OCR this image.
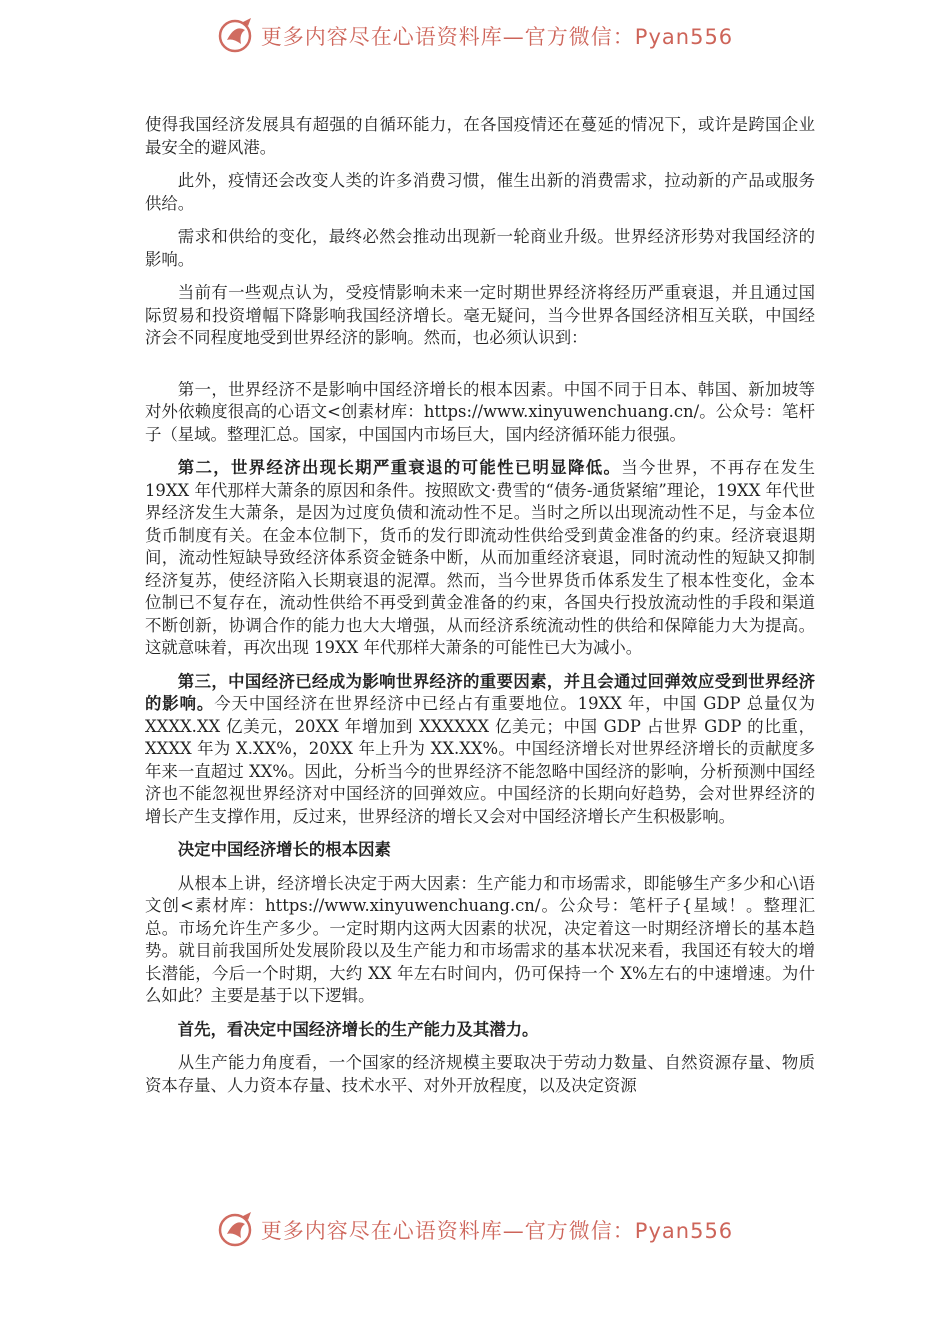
更多内容尽在心语资料库—官方微信：Pyan556

使得我国经济发展具有超强的自循环能力，在各国疫情还在蔓延的情况下，或许是跨国企业最安全的避风港。

此外，疫情还会改变人类的许多消费习惯，催生出新的消费需求，拉动新的产品或服务供给。

需求和供给的变化，最终必然会推动出现新一轮商业升级。世界经济形势对我国经济的影响。

当前有一些观点认为，受疫情影响未来一定时期世界经济将经历严重衰退，并且通过国际贸易和投资增幅下降影响我国经济增长。毫无疑问，当今世界各国经济相互关联，中国经济会不同程度地受到世界经济的影响。然而，也必须认识到：

第一，世界经济不是影响中国经济增长的根本因素。中国不同于日本、韩国、新加坡等对外依赖度很高的心语文<创素材库：https://www.xinyuwenchuang.cn/。公众号：笔杆子（星域。整理汇总。国家，中国国内市场巨大，国内经济循环能力很强。

第二，世界经济出现长期严重衰退的可能性已明显降低。当今世界，不再存在发生 19XX 年代那样大萧条的原因和条件。按照欧文·费雪的“债务-通货紧缩”理论，19XX 年代世界经济发生大萧条，是因为过度负债和流动性不足。当时之所以出现流动性不足，与金本位货币制度有关。在金本位制下，货币的发行即流动性供给受到黄金准备的约束。经济衰退期间，流动性短缺导致经济体系资金链条中断，从而加重经济衰退，同时流动性的短缺又抑制经济复苏，使经济陷入长期衰退的泥潭。然而，当今世界货币体系发生了根本性变化，金本位制已不复存在，流动性供给不再受到黄金准备的约束，各国央行投放流动性的手段和渠道不断创新，协调合作的能力也大大增强，从而经济系统流动性的供给和保障能力大为提高。这就意味着，再次出现 19XX 年代那样大萧条的可能性已大为减小。

第三，中国经济已经成为影响世界经济的重要因素，并且会通过回弹效应受到世界经济的影响。今天中国经济在世界经济中已经占有重要地位。19XX 年，中国 GDP 总量仅为 XXXX.XX 亿美元，20XX 年增加到 XXXXXX 亿美元；中国 GDP 占世界 GDP 的比重，XXXX 年为 X.XX%，20XX 年上升为 XX.XX%。中国经济增长对世界经济增长的贡献度多年来一直超过 XX%。因此，分析当今的世界经济不能忽略中国经济的影响，分析预测中国经济也不能忽视世界经济对中国经济的回弹效应。中国经济的长期向好趋势，会对世界经济的增长产生支撑作用，反过来，世界经济的增长又会对中国经济增长产生积极影响。

决定中国经济增长的根本因素

从根本上讲，经济增长决定于两大因素：生产能力和市场需求，即能够生产多少和心\语文创<素材库：https://www.xinyuwenchuang.cn/。公众号：笔杆子{星域！。整理汇总。市场允许生产多少。一定时期内这两大因素的状况，决定着这一时期经济增长的基本趋势。就目前我国所处发展阶段以及生产能力和市场需求的基本状况来看，我国还有较大的增长潜能，今后一个时期，大约 XX 年左右时间内，仍可保持一个 X%左右的中速增速。为什么如此？主要是基于以下逻辑。

首先，看决定中国经济增长的生产能力及其潜力。

从生产能力角度看，一个国家的经济规模主要取决于劳动力数量、自然资源存量、物质资本存量、人力资本存量、技术水平、对外开放程度，以及决定资源

更多内容尽在心语资料库—官方微信：Pyan556
